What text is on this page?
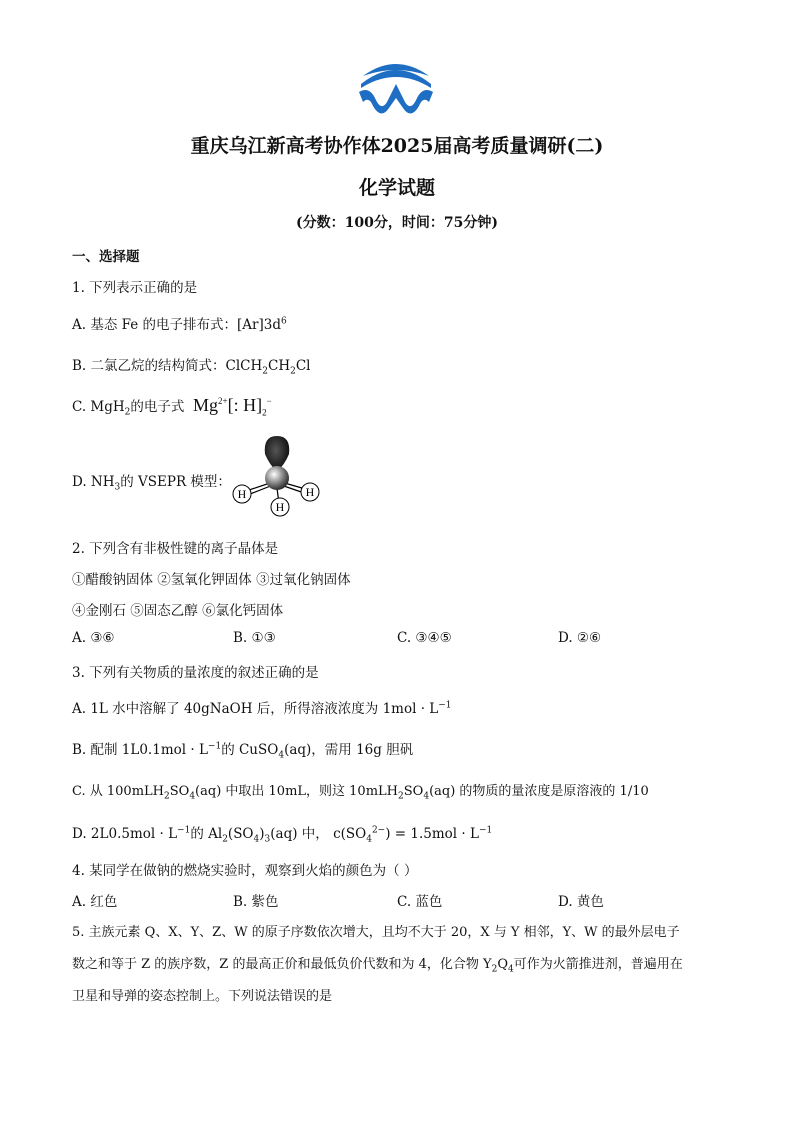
重庆乌江新高考协作体2025届高考质量调研(二)
化学试题
(分数：100分，时间：75分钟)
一、选择题
1. 下列表示正确的是
A. 基态 Fe 的电子排布式：$[Ar]3d^6$
B. 二氯乙烷的结构简式：$ClCH_2CH_2Cl$
C. MgH$_2$的电子式 $Mg^{2+}$[: $H]_2^-$
D. $NH_3$的 VSEPR 模型：
H	H
H
2. 下列含有非极性键的离子晶体是
①醋酸钠固体 ②氢氧化钾固体 ③过氧化钠固体
④金刚石 ⑤固态乙醇 ⑥氯化钙固体
A. ③⑥	B. ①③	C. ③④⑤	D. ②⑥
3. 下列有关物质的量浓度的叙述正确的是
A. 1L 水中溶解了 40gNaOH 后，所得溶液浓度为 $1mol \cdot L^{-1}$
B. 配制 $1L0.1mol \cdot L^{-1}$的 CuSO$_4$(aq)，需用 16g 胆矾
C. 从 $100mLH_2SO_4(aq)$ 中取出 10mL，则这 $10mLH_2SO_4(aq)$ 的物质的量浓度是原溶液的 1/10
D. $2L0.5mol \cdot L^{-1}$的 $Al_2(SO_4)_3(aq)$ 中， $c(SO_4^{2-}) = 1.5mol \cdot L^{-1}$
4. 某同学在做钠的燃烧实验时，观察到火焰的颜色为（ ）
A. 红色	B. 紫色	C. 蓝色	D. 黄色
5. 主族元素 Q、X、Y、Z、W 的原子序数依次增大，且均不大于 20，X 与 Y 相邻，Y、W 的最外层电子
数之和等于 Z 的族序数，Z 的最高正价和最低负价代数和为 4，化合物 $Y_2Q_4$可作为火箭推进剂，普遍用在
卫星和导弹的姿态控制上。下列说法错误的是
